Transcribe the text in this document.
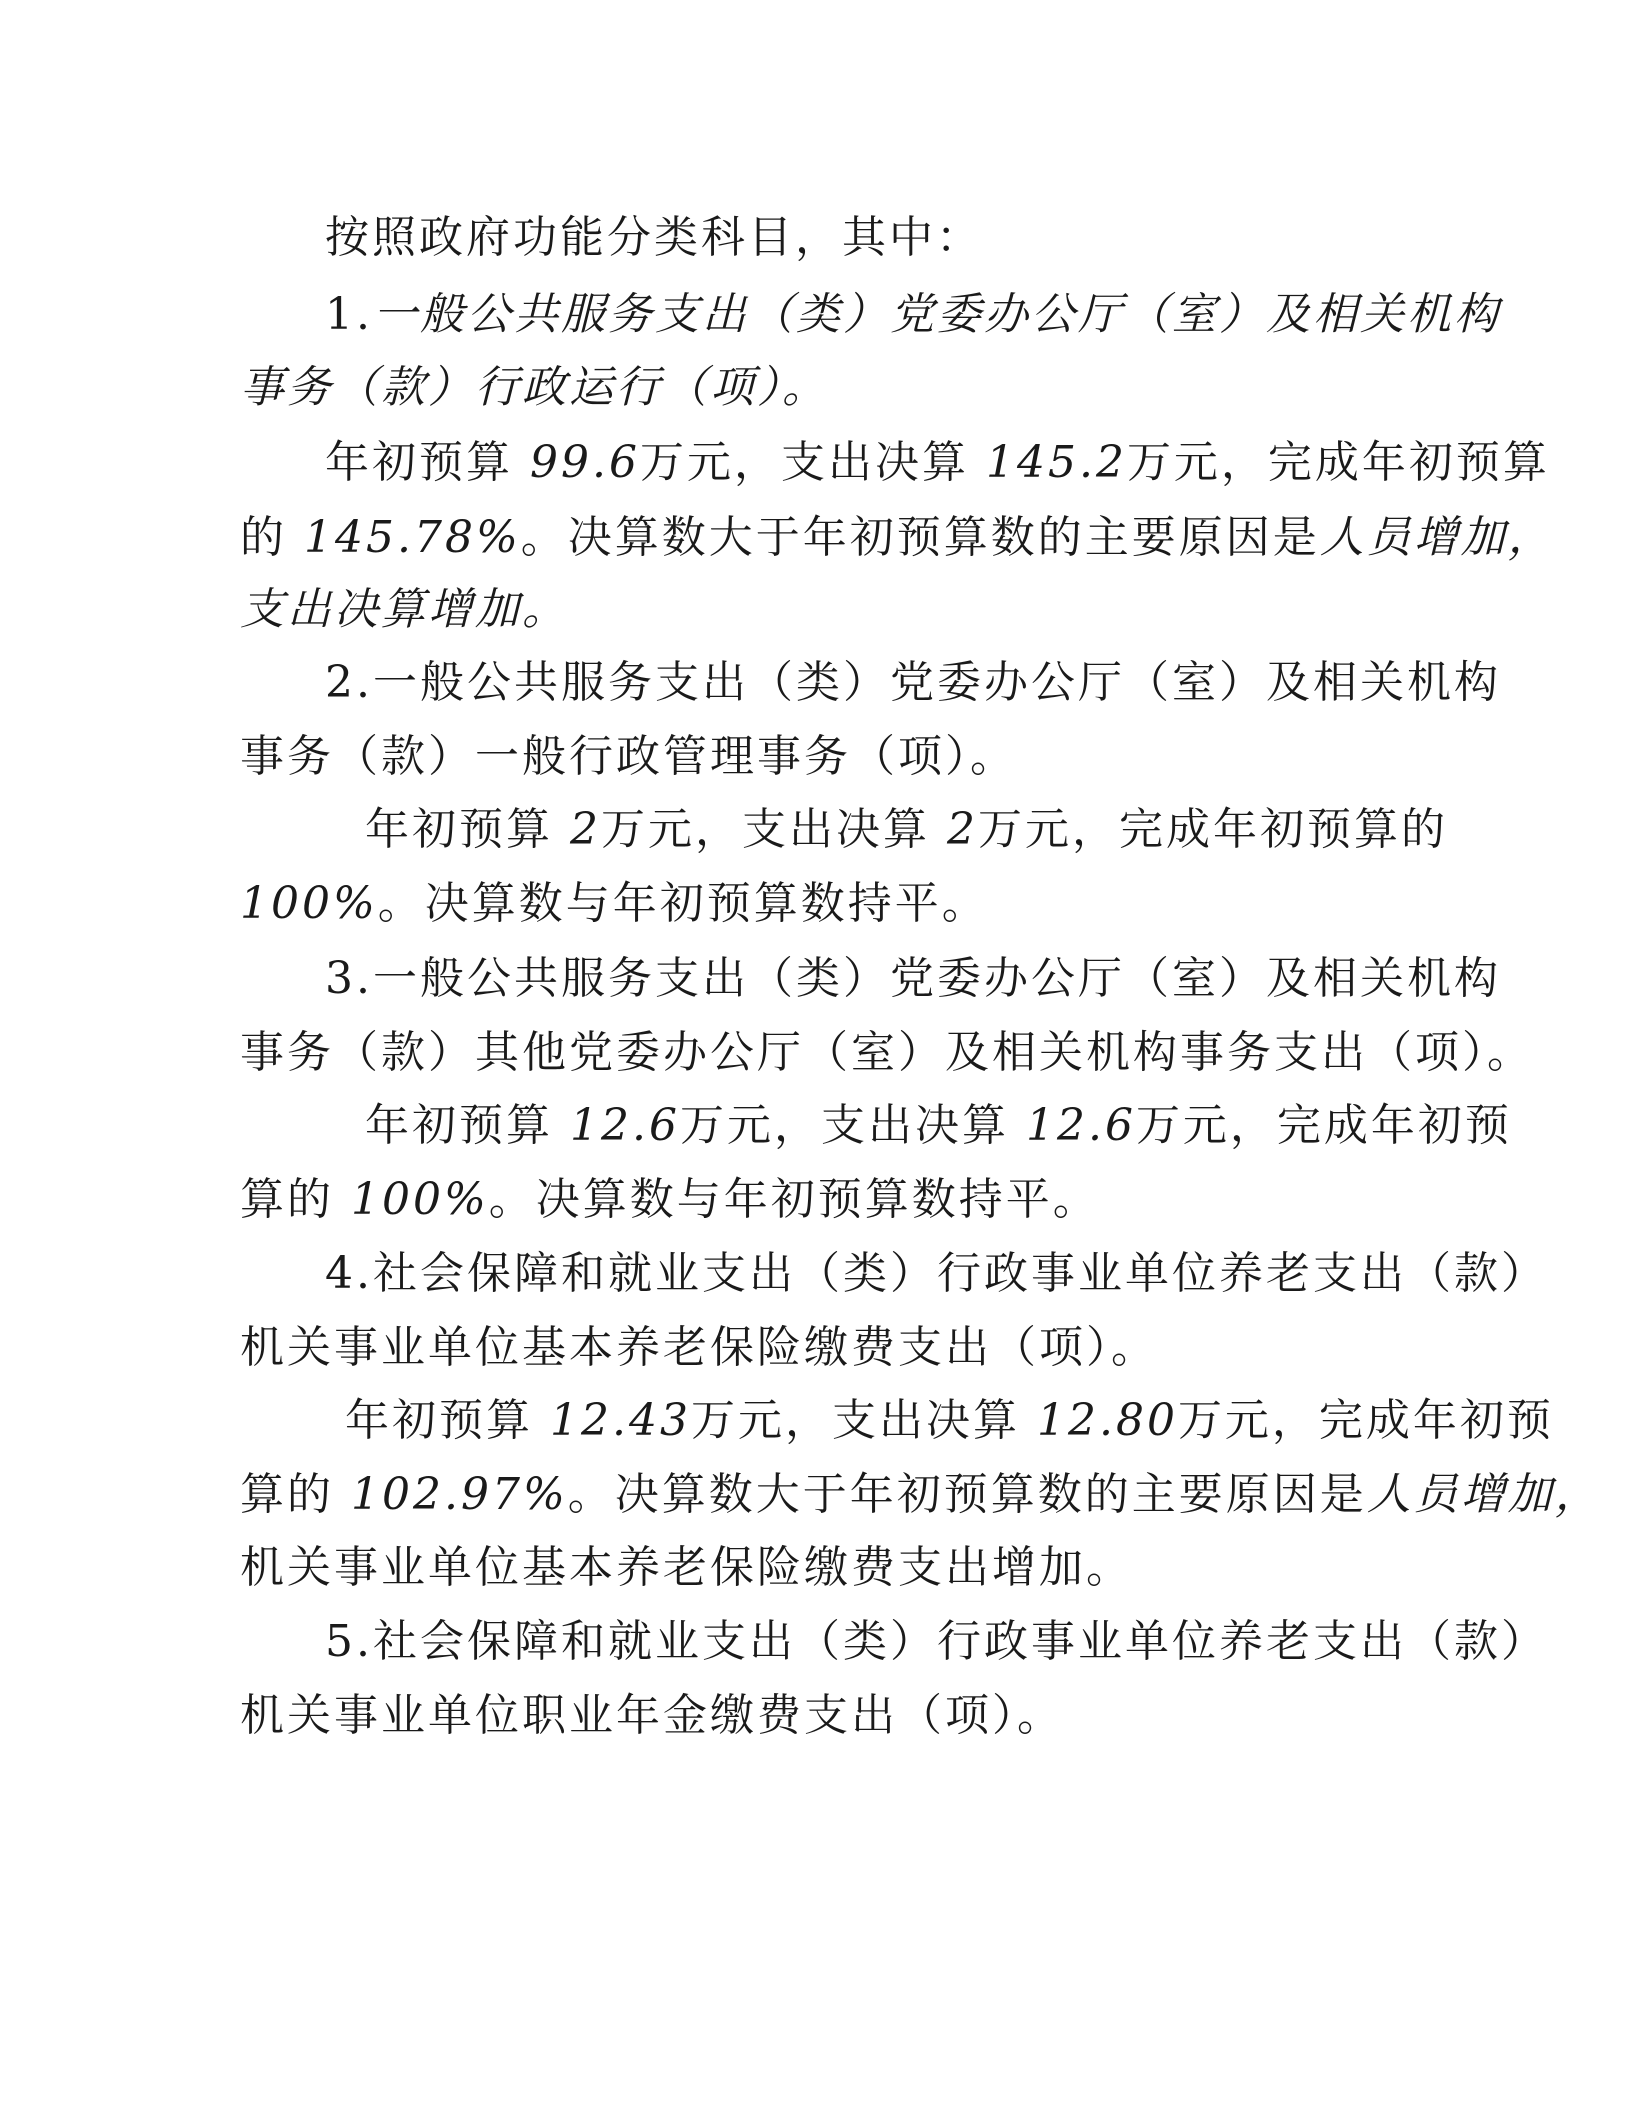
按照政府功能分类科目，其中：
1.一般公共服务支出（类）党委办公厅（室）及相关机构
事务（款）行政运行（项）。
年初预算 99.6万元，支出决算 145.2万元，完成年初预算
的 145.78%。决算数大于年初预算数的主要原因是人员增加，
支出决算增加。
2.一般公共服务支出（类）党委办公厅（室）及相关机构
事务（款）一般行政管理事务（项）。
年初预算 2万元，支出决算 2万元，完成年初预算的
100%。决算数与年初预算数持平。
3.一般公共服务支出（类）党委办公厅（室）及相关机构
事务（款）其他党委办公厅（室）及相关机构事务支出（项）。
年初预算 12.6万元，支出决算 12.6万元，完成年初预
算的 100%。决算数与年初预算数持平。
4.社会保障和就业支出（类）行政事业单位养老支出（款）
机关事业单位基本养老保险缴费支出（项）。
年初预算 12.43万元，支出决算 12.80万元，完成年初预
算的 102.97%。决算数大于年初预算数的主要原因是人员增加，
机关事业单位基本养老保险缴费支出增加。
5.社会保障和就业支出（类）行政事业单位养老支出（款）
机关事业单位职业年金缴费支出（项）。
